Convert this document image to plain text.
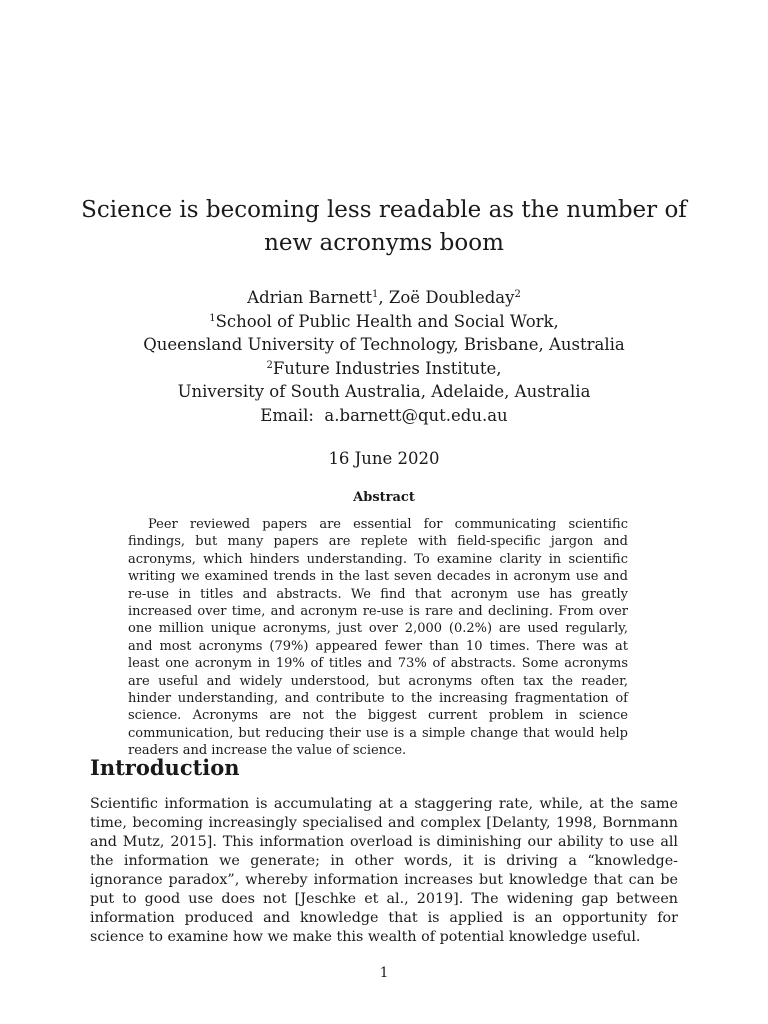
Science is becoming less readable as the number of new acronyms boom
Adrian Barnett$^1$, Zoë Doubleday$^2$
$^1$School of Public Health and Social Work,
Queensland University of Technology, Brisbane, Australia
$^2$Future Industries Institute,
University of South Australia, Adelaide, Australia
Email:  a.barnett@qut.edu.au
16 June 2020
Abstract

Peer reviewed papers are essential for communicating scientific findings, but many papers are replete with field-specific jargon and acronyms, which hinders understanding. To examine clarity in scientific writing we examined trends in the last seven decades in acronym use and re-use in titles and abstracts. We find that acronym use has greatly increased over time, and acronym re-use is rare and declining. From over one million unique acronyms, just over 2,000 (0.2%) are used regularly, and most acronyms (79%) appeared fewer than 10 times. There was at least one acronym in 19% of titles and 73% of abstracts. Some acronyms are useful and widely understood, but acronyms often tax the reader, hinder understanding, and contribute to the increasing fragmentation of science. Acronyms are not the biggest current problem in science communication, but reducing their use is a simple change that would help readers and increase the value of science.

Introduction

Scientific information is accumulating at a staggering rate, while, at the same time, becoming increasingly specialised and complex [Delanty, 1998, Bornmann and Mutz, 2015]. This information overload is diminishing our ability to use all the information we generate; in other words, it is driving a “knowledge-ignorance paradox”, whereby information increases but knowledge that can be put to good use does not [Jeschke et al., 2019]. The widening gap between information produced and knowledge that is applied is an opportunity for science to examine how we make this wealth of potential knowledge useful.

1
